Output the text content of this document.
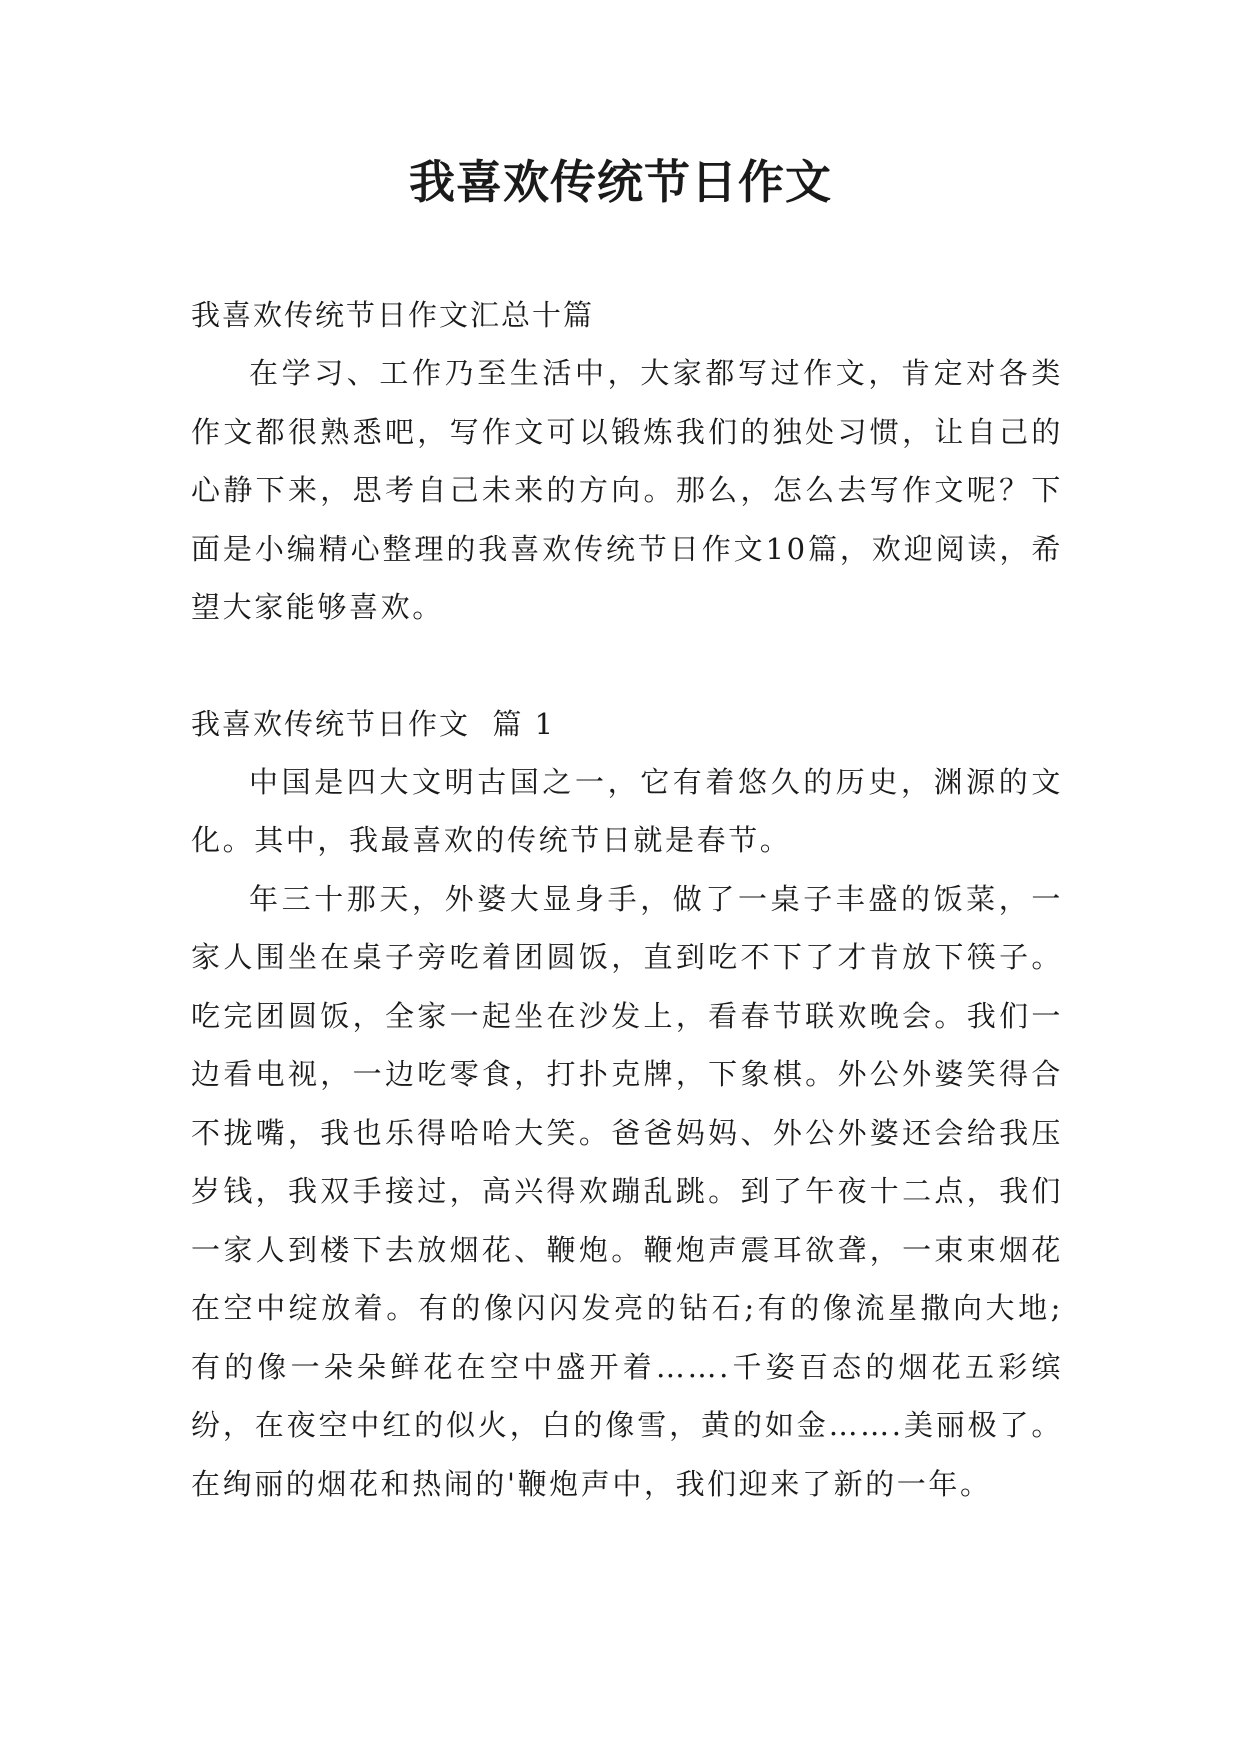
我喜欢传统节日作文

我喜欢传统节日作文汇总十篇

在学习、工作乃至生活中，大家都写过作文，肯定对各类作文都很熟悉吧，写作文可以锻炼我们的独处习惯，让自己的心静下来，思考自己未来的方向。那么，怎么去写作文呢？下面是小编精心整理的我喜欢传统节日作文10篇，欢迎阅读，希望大家能够喜欢。

我喜欢传统节日作文  篇 1

中国是四大文明古国之一，它有着悠久的历史，渊源的文化。其中，我最喜欢的传统节日就是春节。

年三十那天，外婆大显身手，做了一桌子丰盛的饭菜，一家人围坐在桌子旁吃着团圆饭，直到吃不下了才肯放下筷子。吃完团圆饭，全家一起坐在沙发上，看春节联欢晚会。我们一边看电视，一边吃零食，打扑克牌，下象棋。外公外婆笑得合不拢嘴，我也乐得哈哈大笑。爸爸妈妈、外公外婆还会给我压岁钱，我双手接过，高兴得欢蹦乱跳。到了午夜十二点，我们一家人到楼下去放烟花、鞭炮。鞭炮声震耳欲聋，一束束烟花在空中绽放着。有的像闪闪发亮的钻石;有的像流星撒向大地;有的像一朵朵鲜花在空中盛开着…….千姿百态的烟花五彩缤纷，在夜空中红的似火，白的像雪，黄的如金…….美丽极了。在绚丽的烟花和热闹的'鞭炮声中，我们迎来了新的一年。
